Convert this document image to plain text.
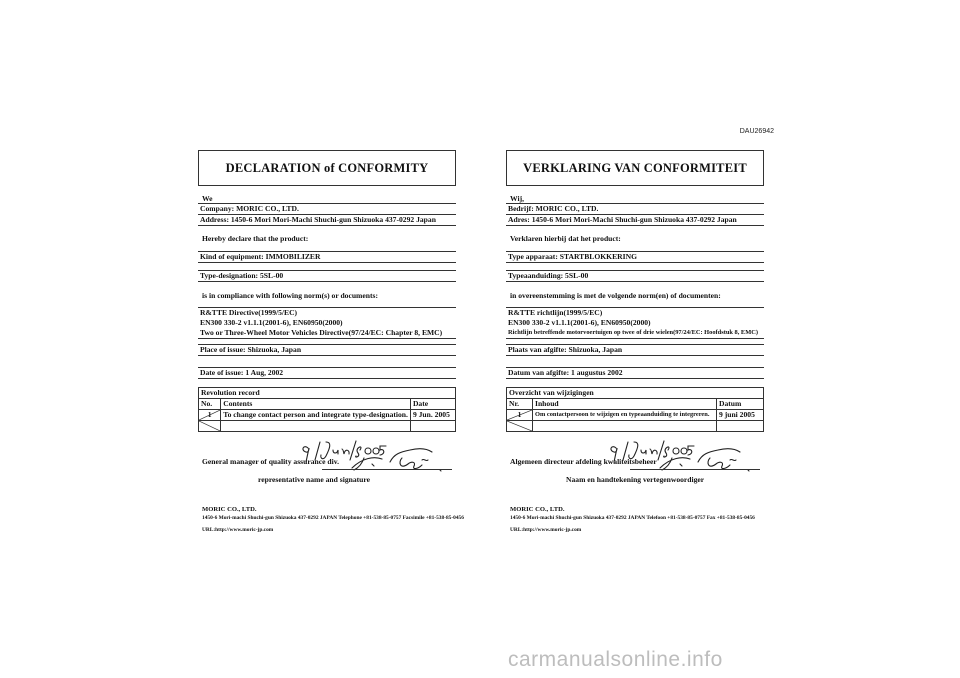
DAU26942
DECLARATION of CONFORMITY
We
Company: MORIC CO., LTD.
Address: 1450-6 Mori Mori-Machi Shuchi-gun Shizuoka 437-0292 Japan
Hereby declare that the product:
Kind of equipment: IMMOBILIZER
Type-designation: 5SL-00
is in compliance with following norm(s) or documents:
R&TTE Directive(1999/5/EC)
EN300 330-2 v1.1.1(2001-6), EN60950(2000)
Two or Three-Wheel Motor Vehicles Directive(97/24/EC: Chapter 8, EMC)
Place of issue: Shizuoka, Japan
Date of issue: 1 Aug, 2002
Revolution record		
No.	Contents	Date

1	To change contact person and integrate type-designation.	9 Jun. 2005

General manager of quality assurance div.
representative name and signature
MORIC CO., LTD.
1450-6 Mori-machi Shuchi-gun Shizuoka 437-0292 JAPAN Telephone +81-538-85-0757 Facsimile +81-538-85-0456
URL:http://www.moric-jp.com
VERKLARING VAN CONFORMITEIT
Wij,
Bedrijf: MORIC CO., LTD.
Adres: 1450-6 Mori Mori-Machi Shuchi-gun Shizuoka 437-0292 Japan
Verklaren hierbij dat het product:
Type apparaat: STARTBLOKKERING
Typeaanduiding: 5SL-00
in overeenstemming is met de volgende norm(en) of documenten:
R&TTE richtlijn(1999/5/EC)
EN300 330-2 v1.1.1(2001-6), EN60950(2000)
Richtlijn betreffende motorvoertuigen op twee of drie wielen(97/24/EC: Hoofdstuk 8, EMC)
Plaats van afgifte: Shizuoka, Japan
Datum van afgifte: 1 augustus 2002
Overzicht van wijzigingen		
Nr.	Inhoud	Datum

1	Om contactpersoon te wijzigen en typeaanduiding te integreren.	9 juni 2005

Algemeen directeur afdeling kwaliteitsbeheer
Naam en handtekening vertegenwoordiger
MORIC CO., LTD.
1450-6 Mori-machi Shuchi-gun Shizuoka 437-0292 JAPAN Telefoon +81-538-85-0757 Fax +81-538-85-0456
URL:http://www.moric-jp.com
carmanualsonline.info
